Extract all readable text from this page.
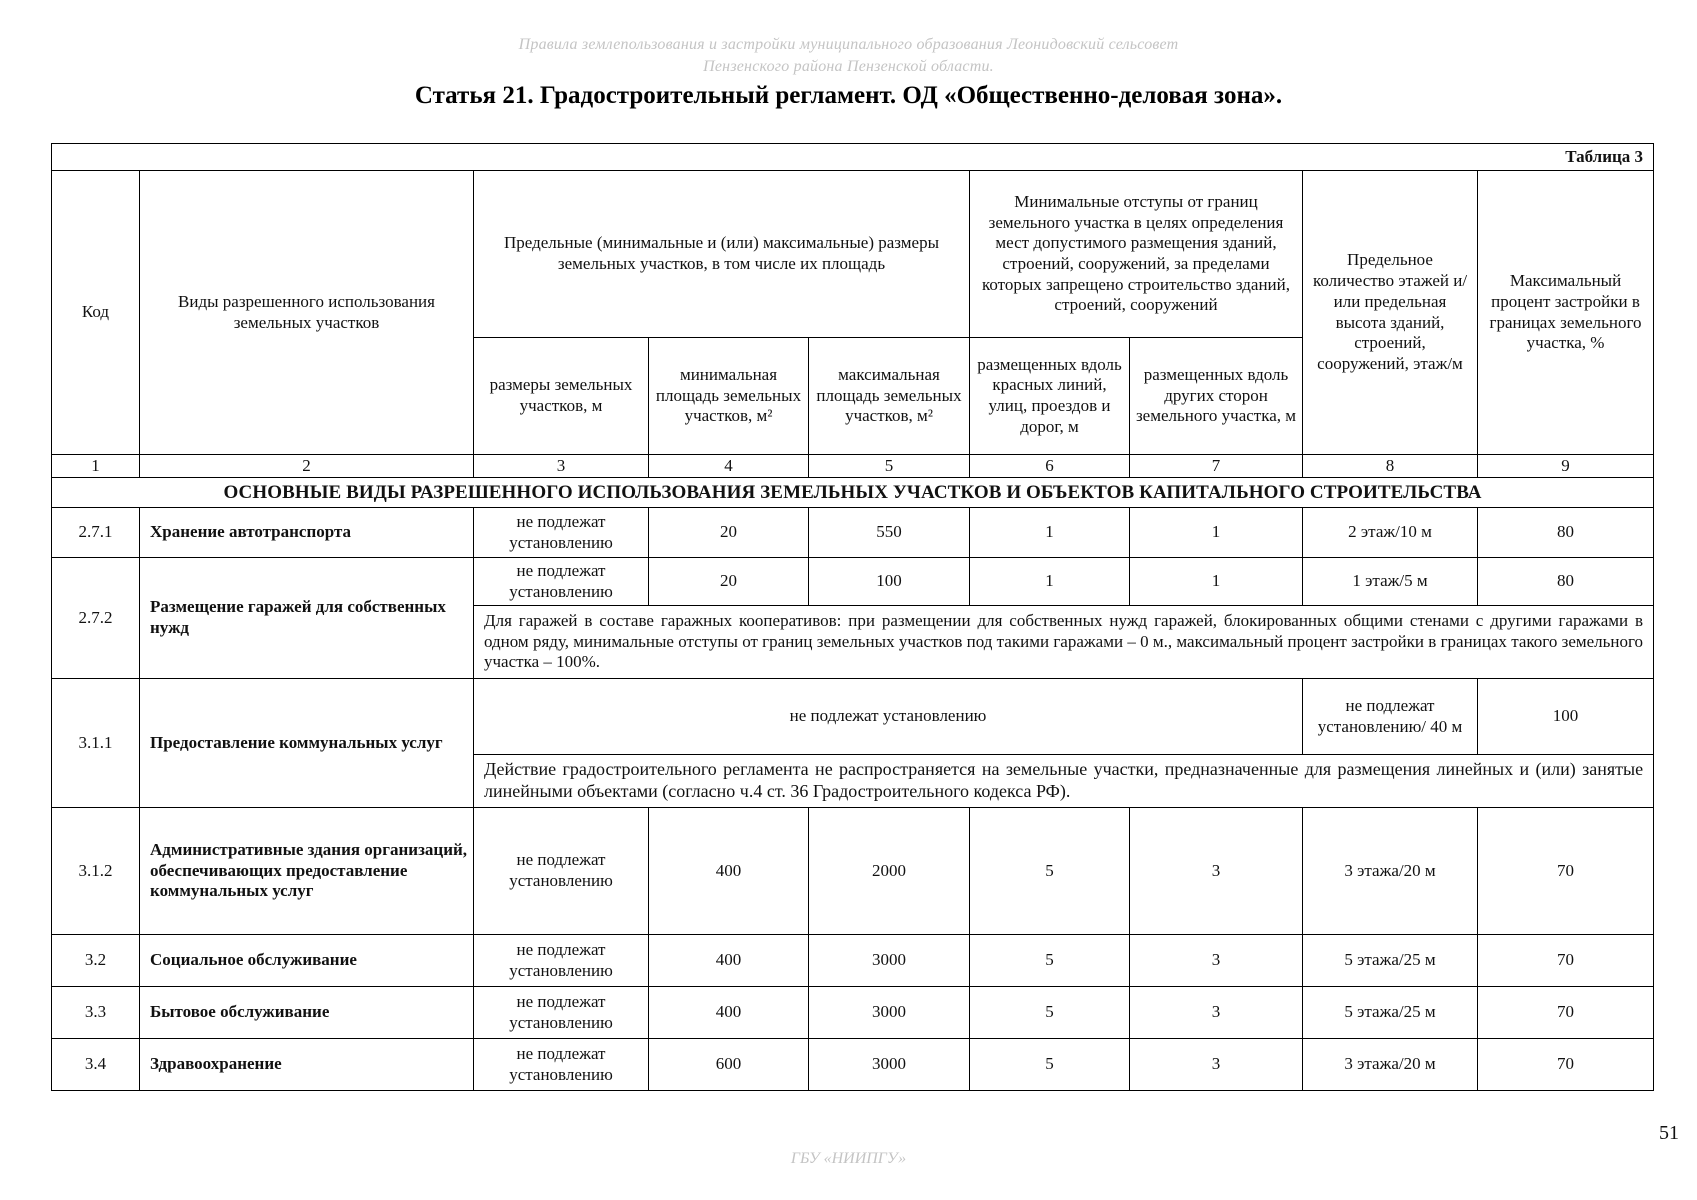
Правила землепользования и застройки муниципального образования Леонидовский сельсовет
Пензенского района Пензенской области.
Статья 21. Градостроительный регламент. ОД «Общественно-деловая зона».
Таблица 3								
Код	Виды разрешенного использования земельных участков	Предельные (минимальные и (или) максимальные) размеры земельных участков, в том числе их площадь			Минимальные отступы от границ земельного участка в целях определения мест допустимого размещения зданий, строений, сооружений, за пределами которых запрещено строительство зданий, строений, сооружений		Предельное количество этажей и/или предельная высота зданий, строений, сооружений, этаж/м	Максимальный процент застройки в границах земельного участка, %
		размеры земельных участков, м	минимальная площадь земельных участков, м²	максимальная площадь земельных участков, м²	размещенных вдоль красных линий, улиц, проездов и дорог, м	размещенных вдоль других сторон земельного участка, м		
1	2	3	4	5	6	7	8	9
ОСНОВНЫЕ ВИДЫ РАЗРЕШЕННОГО ИСПОЛЬЗОВАНИЯ ЗЕМЕЛЬНЫХ УЧАСТКОВ И ОБЪЕКТОВ КАПИТАЛЬНОГО СТРОИТЕЛЬСТВА								
2.7.1	Хранение автотранспорта	не подлежат установлению	20	550	1	1	2 этаж/10 м	80
2.7.2	Размещение гаражей для собственных нужд	не подлежат установлению	20	100	1	1	1 этаж/5 м	80
		Для гаражей в составе гаражных кооперативов: при размещении для собственных нужд гаражей, блокированных общими стенами с другими гаражами в одном ряду, минимальные отступы от границ земельных участков под такими гаражами – 0 м., максимальный процент застройки в границах такого земельного участка – 100%.						
3.1.1	Предоставление коммунальных услуг	не подлежат установлению					не подлежат установлению/ 40 м	100
		Действие градостроительного регламента не распространяется на земельные участки, предназначенные для размещения линейных и (или) занятые линейными объектами (согласно ч.4 ст. 36 Градостроительного кодекса РФ).						
3.1.2	Административные здания организаций, обеспечивающих предоставление коммунальных услуг	не подлежат установлению	400	2000	5	3	3 этажа/20 м	70
3.2	Социальное обслуживание	не подлежат установлению	400	3000	5	3	5 этажа/25 м	70
3.3	Бытовое обслуживание	не подлежат установлению	400	3000	5	3	5 этажа/25 м	70
3.4	Здравоохранение	не подлежат установлению	600	3000	5	3	3 этажа/20 м	70
51
ГБУ «НИИПГУ»
